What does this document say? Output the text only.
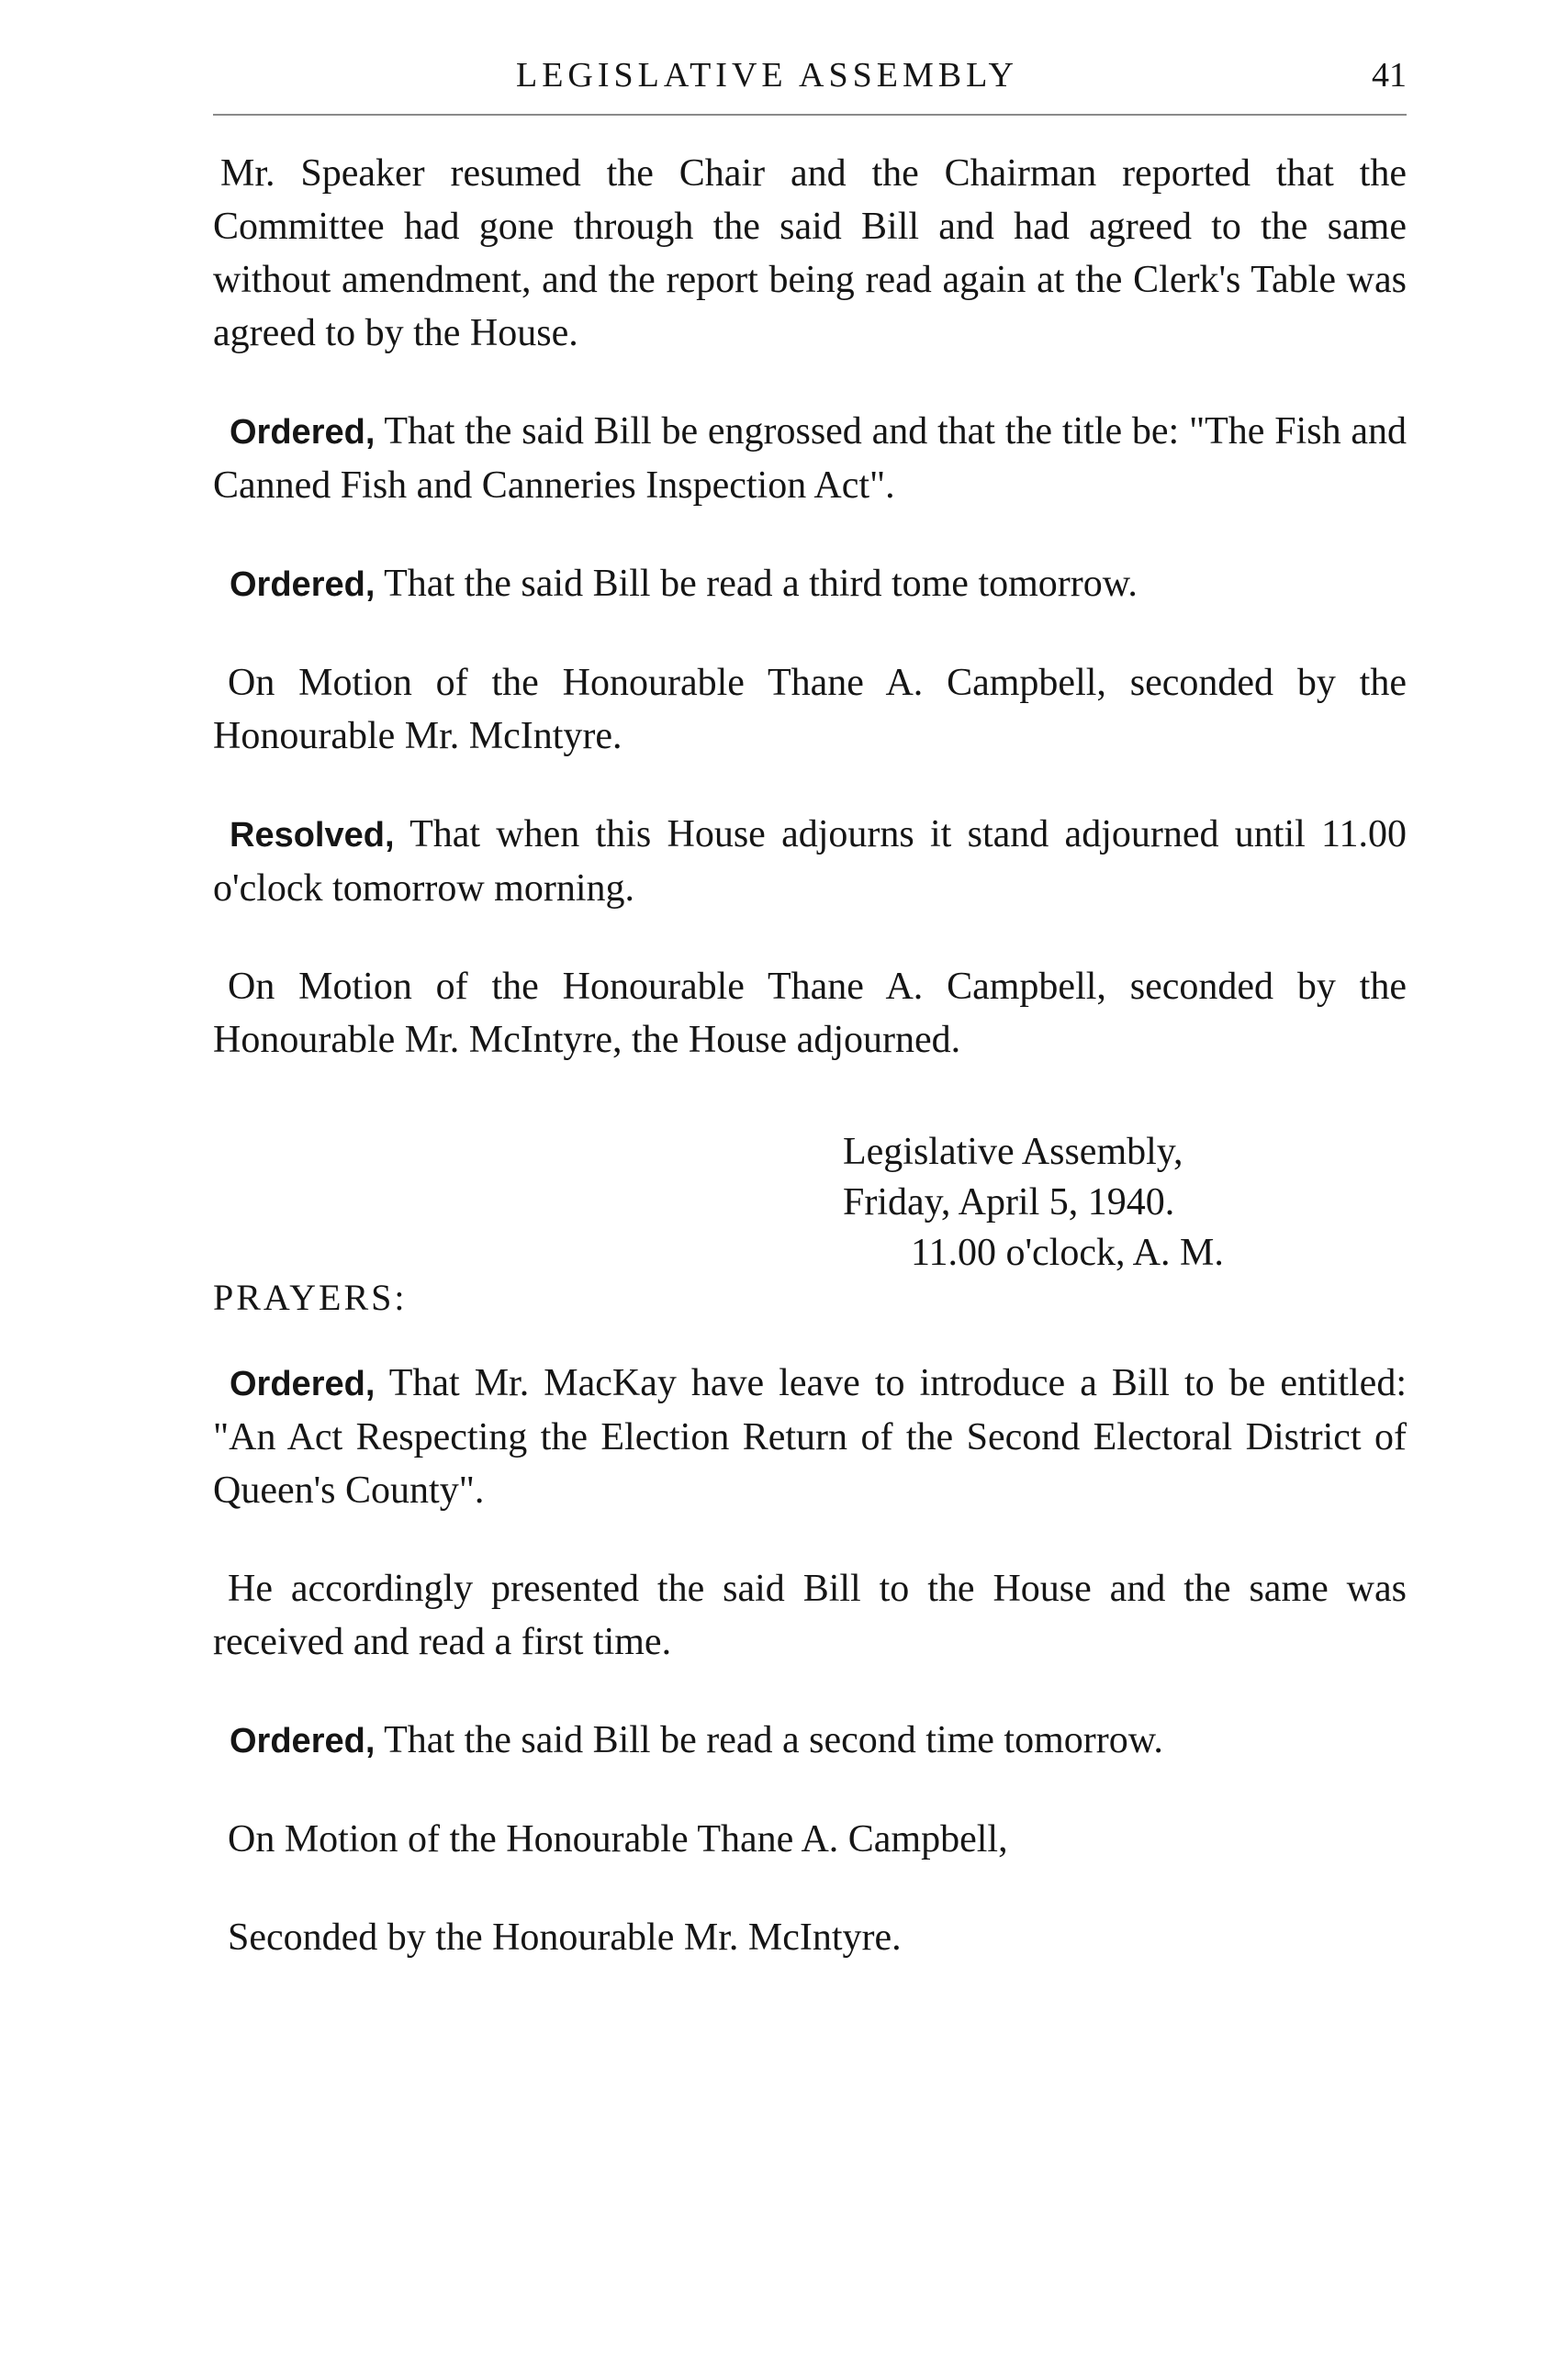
LEGISLATIVE ASSEMBLY	41

Mr. Speaker resumed the Chair and the Chairman reported that the Committee had gone through the said Bill and had agreed to the same without amendment, and the report being read again at the Clerk's Table was agreed to by the House.

Ordered, That the said Bill be engrossed and that the title be: "The Fish and Canned Fish and Canneries Inspection Act".

Ordered, That the said Bill be read a third tome tomorrow.

On Motion of the Honourable Thane A. Campbell, seconded by the Honourable Mr. McIntyre.

Resolved, That when this House adjourns it stand adjourned until 11.00 o'clock tomorrow morning.

On Motion of the Honourable Thane A. Campbell, seconded by the Honourable Mr. McIntyre, the House adjourned.

Legislative Assembly,
Friday, April 5, 1940.
11.00 o'clock, A. M.
PRAYERS:

Ordered, That Mr. MacKay have leave to introduce a Bill to be entitled: "An Act Respecting the Election Return of the Second Electoral District of Queen's County".

He accordingly presented the said Bill to the House and the same was received and read a first time.

Ordered, That the said Bill be read a second time tomorrow.

On Motion of the Honourable Thane A. Campbell,

Seconded by the Honourable Mr. McIntyre.
